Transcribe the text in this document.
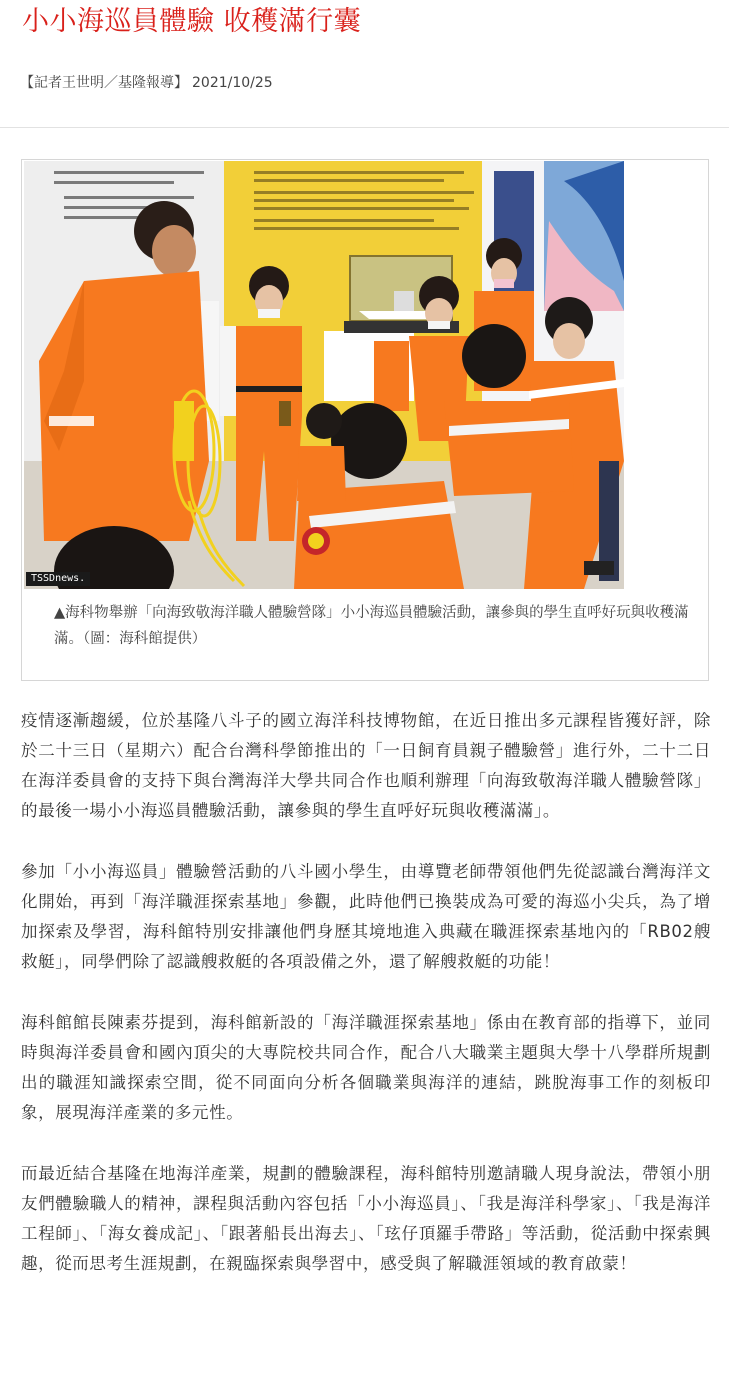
小小海巡員體驗 收穫滿行囊
【記者王世明／基隆報導】 2021/10/25
TSSDnews.

▲海科物舉辦「向海致敬海洋職人體驗營隊」小小海巡員體驗活動，讓參與的學生直呼好玩與收穫滿滿。（圖：海科館提供）

疫情逐漸趨緩，位於基隆八斗子的國立海洋科技博物館，在近日推出多元課程皆獲好評，除於二十三日（星期六）配合台灣科學節推出的「一日飼育員親子體驗營」進行外，二十二日在海洋委員會的支持下與台灣海洋大學共同合作也順利辦理「向海致敬海洋職人體驗營隊」的最後一場小小海巡員體驗活動，讓參與的學生直呼好玩與收穫滿滿」。

參加「小小海巡員」體驗營活動的八斗國小學生，由導覽老師帶領他們先從認識台灣海洋文化開始，再到「海洋職涯探索基地」參觀，此時他們已換裝成為可愛的海巡小尖兵，為了增加探索及學習，海科館特別安排讓他們身歷其境地進入典藏在職涯探索基地內的「RB02艘救艇」，同學們除了認識艘救艇的各項設備之外，還了解艘救艇的功能！

海科館館長陳素芬提到，海科館新設的「海洋職涯探索基地」係由在教育部的指導下，並同時與海洋委員會和國內頂尖的大專院校共同合作，配合八大職業主題與大學十八學群所規劃出的職涯知識探索空間，從不同面向分析各個職業與海洋的連結，跳脫海事工作的刻板印象，展現海洋產業的多元性。

而最近結合基隆在地海洋產業，規劃的體驗課程，海科館特別邀請職人現身說法，帶領小朋友們體驗職人的精神，課程與活動內容包括「小小海巡員」、「我是海洋科學家」、「我是海洋工程師」、「海女養成記」、「跟著船長出海去」、「玹仔頂羅手帶路」等活動，從活動中探索興趣，從而思考生涯規劃，在親臨探索與學習中，感受與了解職涯領域的教育啟蒙！
